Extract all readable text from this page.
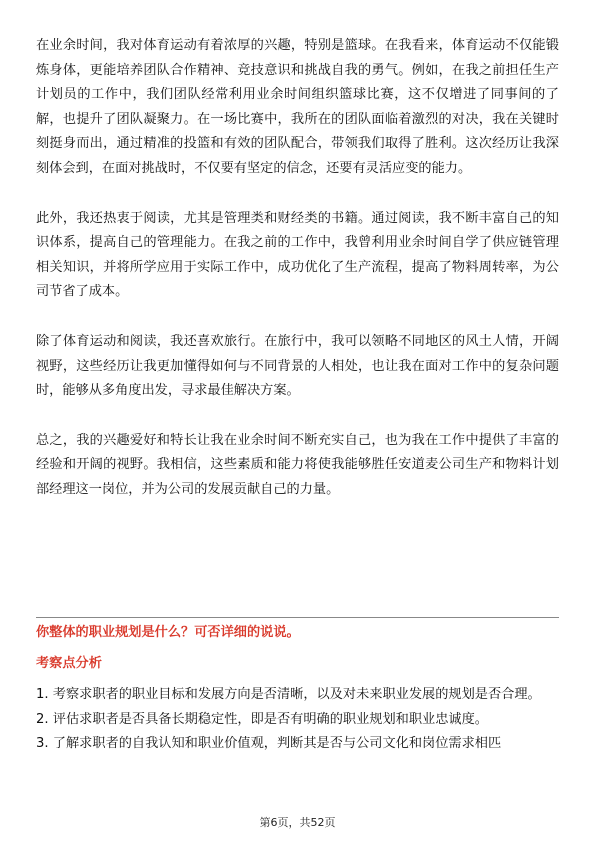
在业余时间，我对体育运动有着浓厚的兴趣，特别是篮球。在我看来，体育运动不仅能锻炼身体，更能培养团队合作精神、竞技意识和挑战自我的勇气。例如，在我之前担任生产计划员的工作中，我们团队经常利用业余时间组织篮球比赛，这不仅增进了同事间的了解，也提升了团队凝聚力。在一场比赛中，我所在的团队面临着激烈的对决，我在关键时刻挺身而出，通过精准的投篮和有效的团队配合，带领我们取得了胜利。这次经历让我深刻体会到，在面对挑战时，不仅要有坚定的信念，还要有灵活应变的能力。

此外，我还热衷于阅读，尤其是管理类和财经类的书籍。通过阅读，我不断丰富自己的知识体系，提高自己的管理能力。在我之前的工作中，我曾利用业余时间自学了供应链管理相关知识，并将所学应用于实际工作中，成功优化了生产流程，提高了物料周转率，为公司节省了成本。

除了体育运动和阅读，我还喜欢旅行。在旅行中，我可以领略不同地区的风土人情，开阔视野，这些经历让我更加懂得如何与不同背景的人相处，也让我在面对工作中的复杂问题时，能够从多角度出发，寻求最佳解决方案。

总之，我的兴趣爱好和特长让我在业余时间不断充实自己，也为我在工作中提供了丰富的经验和开阔的视野。我相信，这些素质和能力将使我能够胜任安道麦公司生产和物料计划部经理这一岗位，并为公司的发展贡献自己的力量。

你整体的职业规划是什么？可否详细的说说。
考察点分析
1. 考察求职者的职业目标和发展方向是否清晰，以及对未来职业发展的规划是否合理。
2. 评估求职者是否具备长期稳定性，即是否有明确的职业规划和职业忠诚度。
3. 了解求职者的自我认知和职业价值观，判断其是否与公司文化和岗位需求相匹
第6页，共52页
